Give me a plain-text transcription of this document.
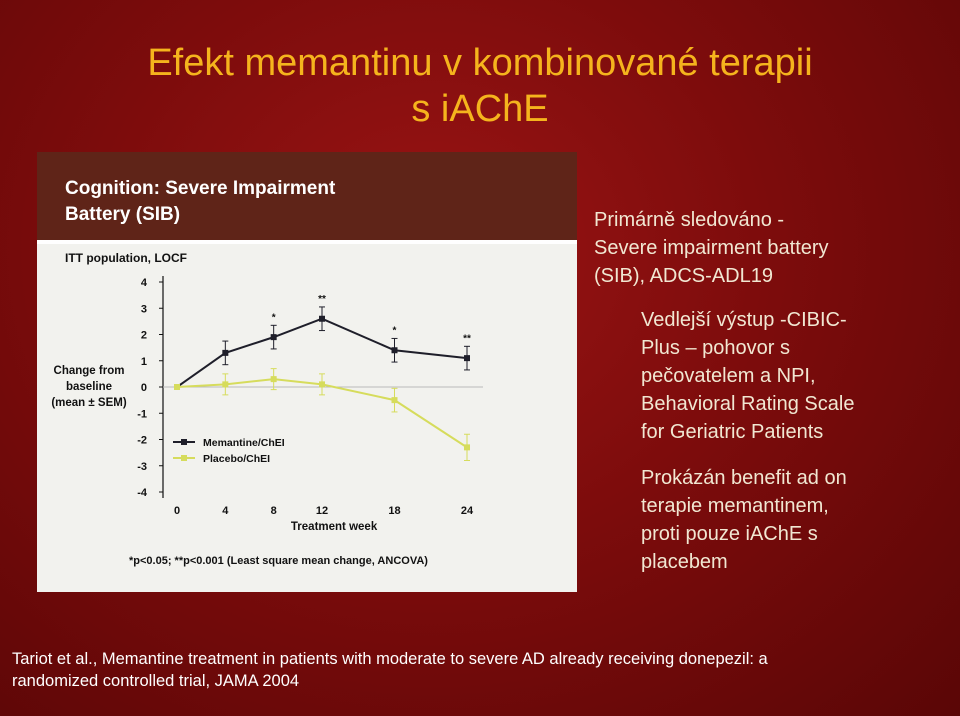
Efekt memantinu v kombinované terapii
s iAChE
Cognition: Severe Impairment
Battery (SIB)
ITT population, LOCF
4
3
2
1
0
-1
-2
-3
-4
0	4	8	12	18	24
Treatment week
Change from
baseline
(mean ± SEM)
*
**
*
**
Memantine/ChEI
Placebo/ChEI
*p<0.05; **p<0.001 (Least square mean change, ANCOVA)
Primárně sledováno -
Severe impairment battery
(SIB), ADCS-ADL19
Vedlejší výstup -CIBIC-
Plus – pohovor s
pečovatelem a NPI,
Behavioral Rating Scale
for Geriatric Patients
Prokázán benefit ad on
terapie memantinem,
proti pouze iAChE s
placebem
Tariot et al., Memantine treatment in patients with moderate to severe AD already receiving donepezil: a
randomized controlled trial, JAMA 2004
